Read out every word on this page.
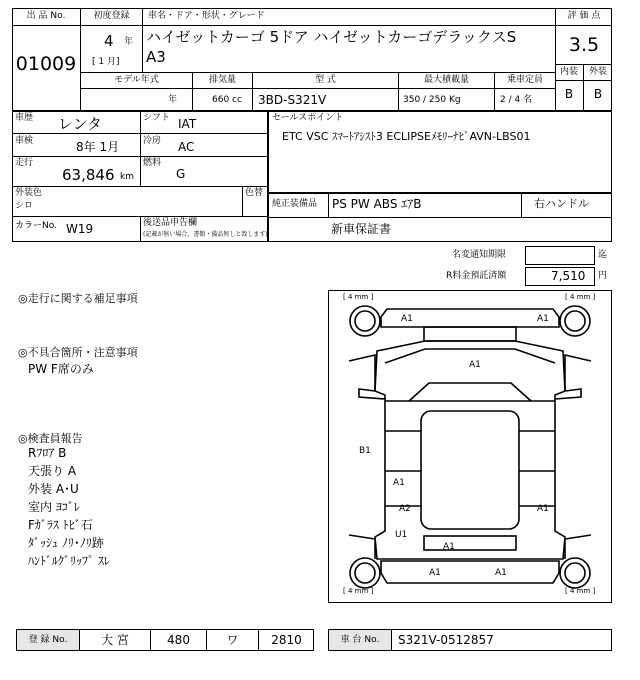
出 品 No.
01009
初度登録
4 年
[ 1 月]
車名・ドア・形状・グレード
ハイゼットカーゴ 5ドア ハイゼットカーゴデラックスS
A3
評 価 点
3.5
内装	外装
B	B
モデル年式	排気量	型 式	最大積載量	乗車定員
年	660 cc 3BD-S321V	350 / 250 Kg	2 / 4 名
車歴 レンタ	シフト IAT
車検	8年 1月	冷房 AC
走行
63,846 km
燃料
G
外装色
シロ
色替
カラーNo. W19	後送品申告欄
(記載が無い場合、書類・備品無しと致します)
セールスポイント
ETC VSC ｽﾏｰﾄｱｼｽﾄ3 ECLIPSEﾒﾓﾘｰﾅﾋﾞAVN-LBS01
純正装備品 PS PW ABS ｴｱB	右ハンドル
新車保証書
名変通知期限	迄
R料金預託済額	7,510 円
◎走行に関する補足事項
◎不具合箇所・注意事項
PW F席のみ
◎検査員報告
Rﾌﾛｱ B
天張り A
外装 A･U
室内 ﾖｺﾞﾚ
Fｶﾞﾗｽ ﾄﾋﾞ石
ﾀﾞｯｼｭ ﾉﾘ･ﾉﾘ跡
ﾊﾝﾄﾞﾙｸﾞﾘｯﾌﾟ ｽﾚ
[ 4 mm ]	[ 4 mm ]
[ 4 mm ]	[ 4 mm ]
A1	A1
A1
B1
A1
A2	A1
U1
A1
A1	A1
登 録 No.	大 宮	480	ワ	2810	車 台 No.	S321V-0512857
